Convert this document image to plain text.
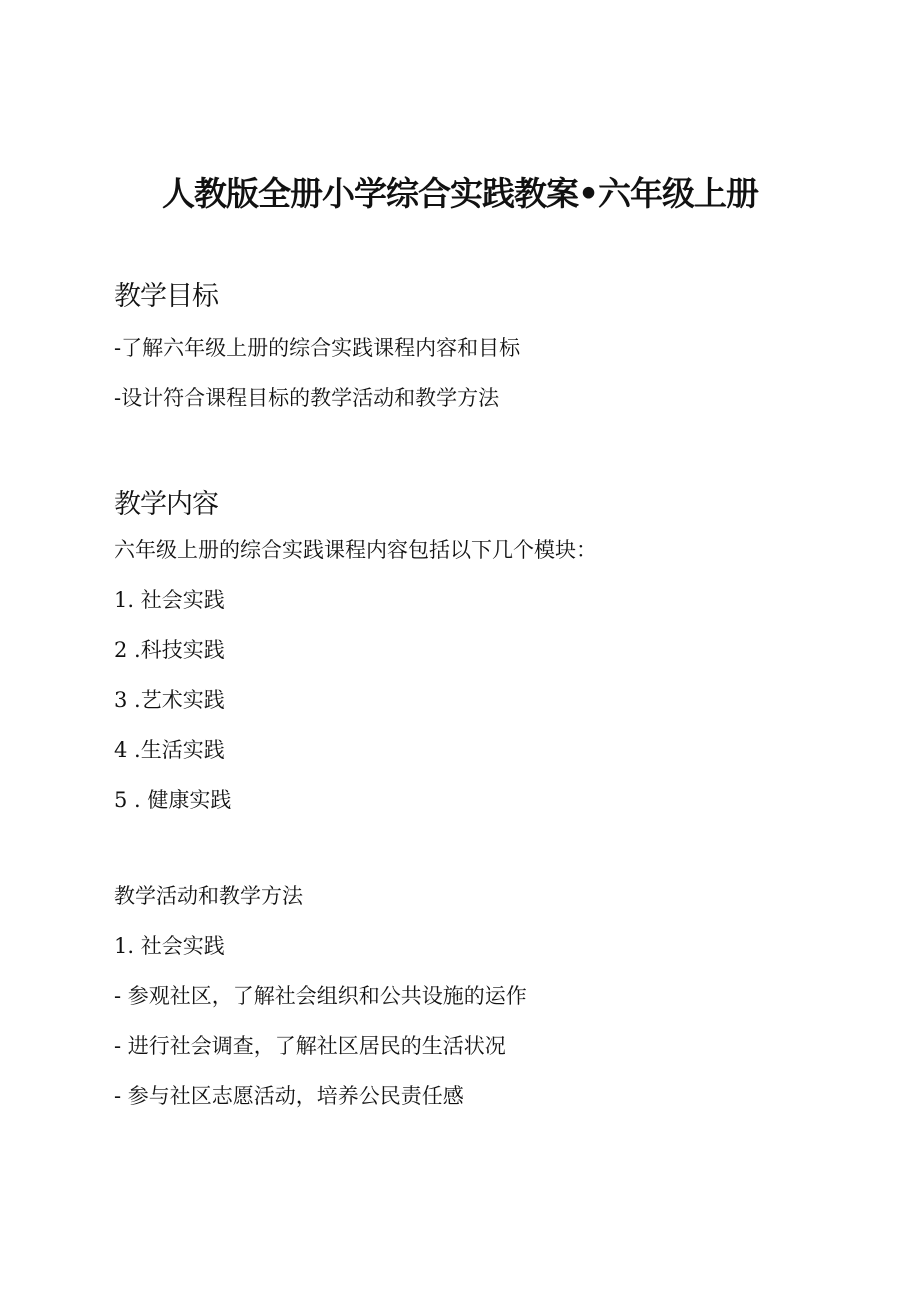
人教版全册小学综合实践教案•六年级上册
教学目标

-了解六年级上册的综合实践课程内容和目标

-设计符合课程目标的教学活动和教学方法

教学内容

六年级上册的综合实践课程内容包括以下几个模块：

1. 社会实践

2 .科技实践

3 .艺术实践

4 .生活实践

5 . 健康实践

教学活动和教学方法

1. 社会实践

- 参观社区，了解社会组织和公共设施的运作

- 进行社会调查，了解社区居民的生活状况

- 参与社区志愿活动，培养公民责任感
